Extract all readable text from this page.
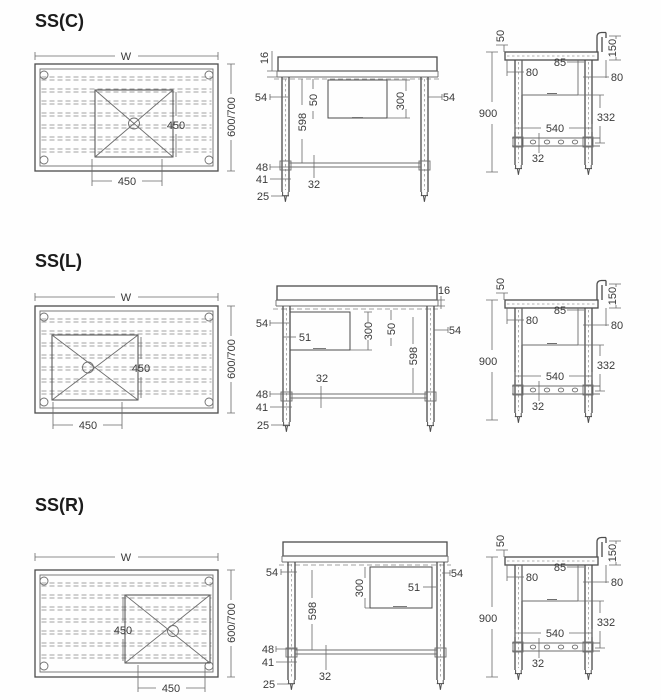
SS(C)
W
450
450
600/700
16
54	54
50
598
300
48
41
25
32
50
150
80
85
80
900	332
540
32
SS(L)
W
450
450
600/700
16
54
51	300 50
598
54
48
41
25
32
50
150
80
85
80
900	332
540
32
SS(R)
W
450
450
600/700
54
598
300	51
54
48
41
25
32
50
150
80
85
80
900	332
540
32
